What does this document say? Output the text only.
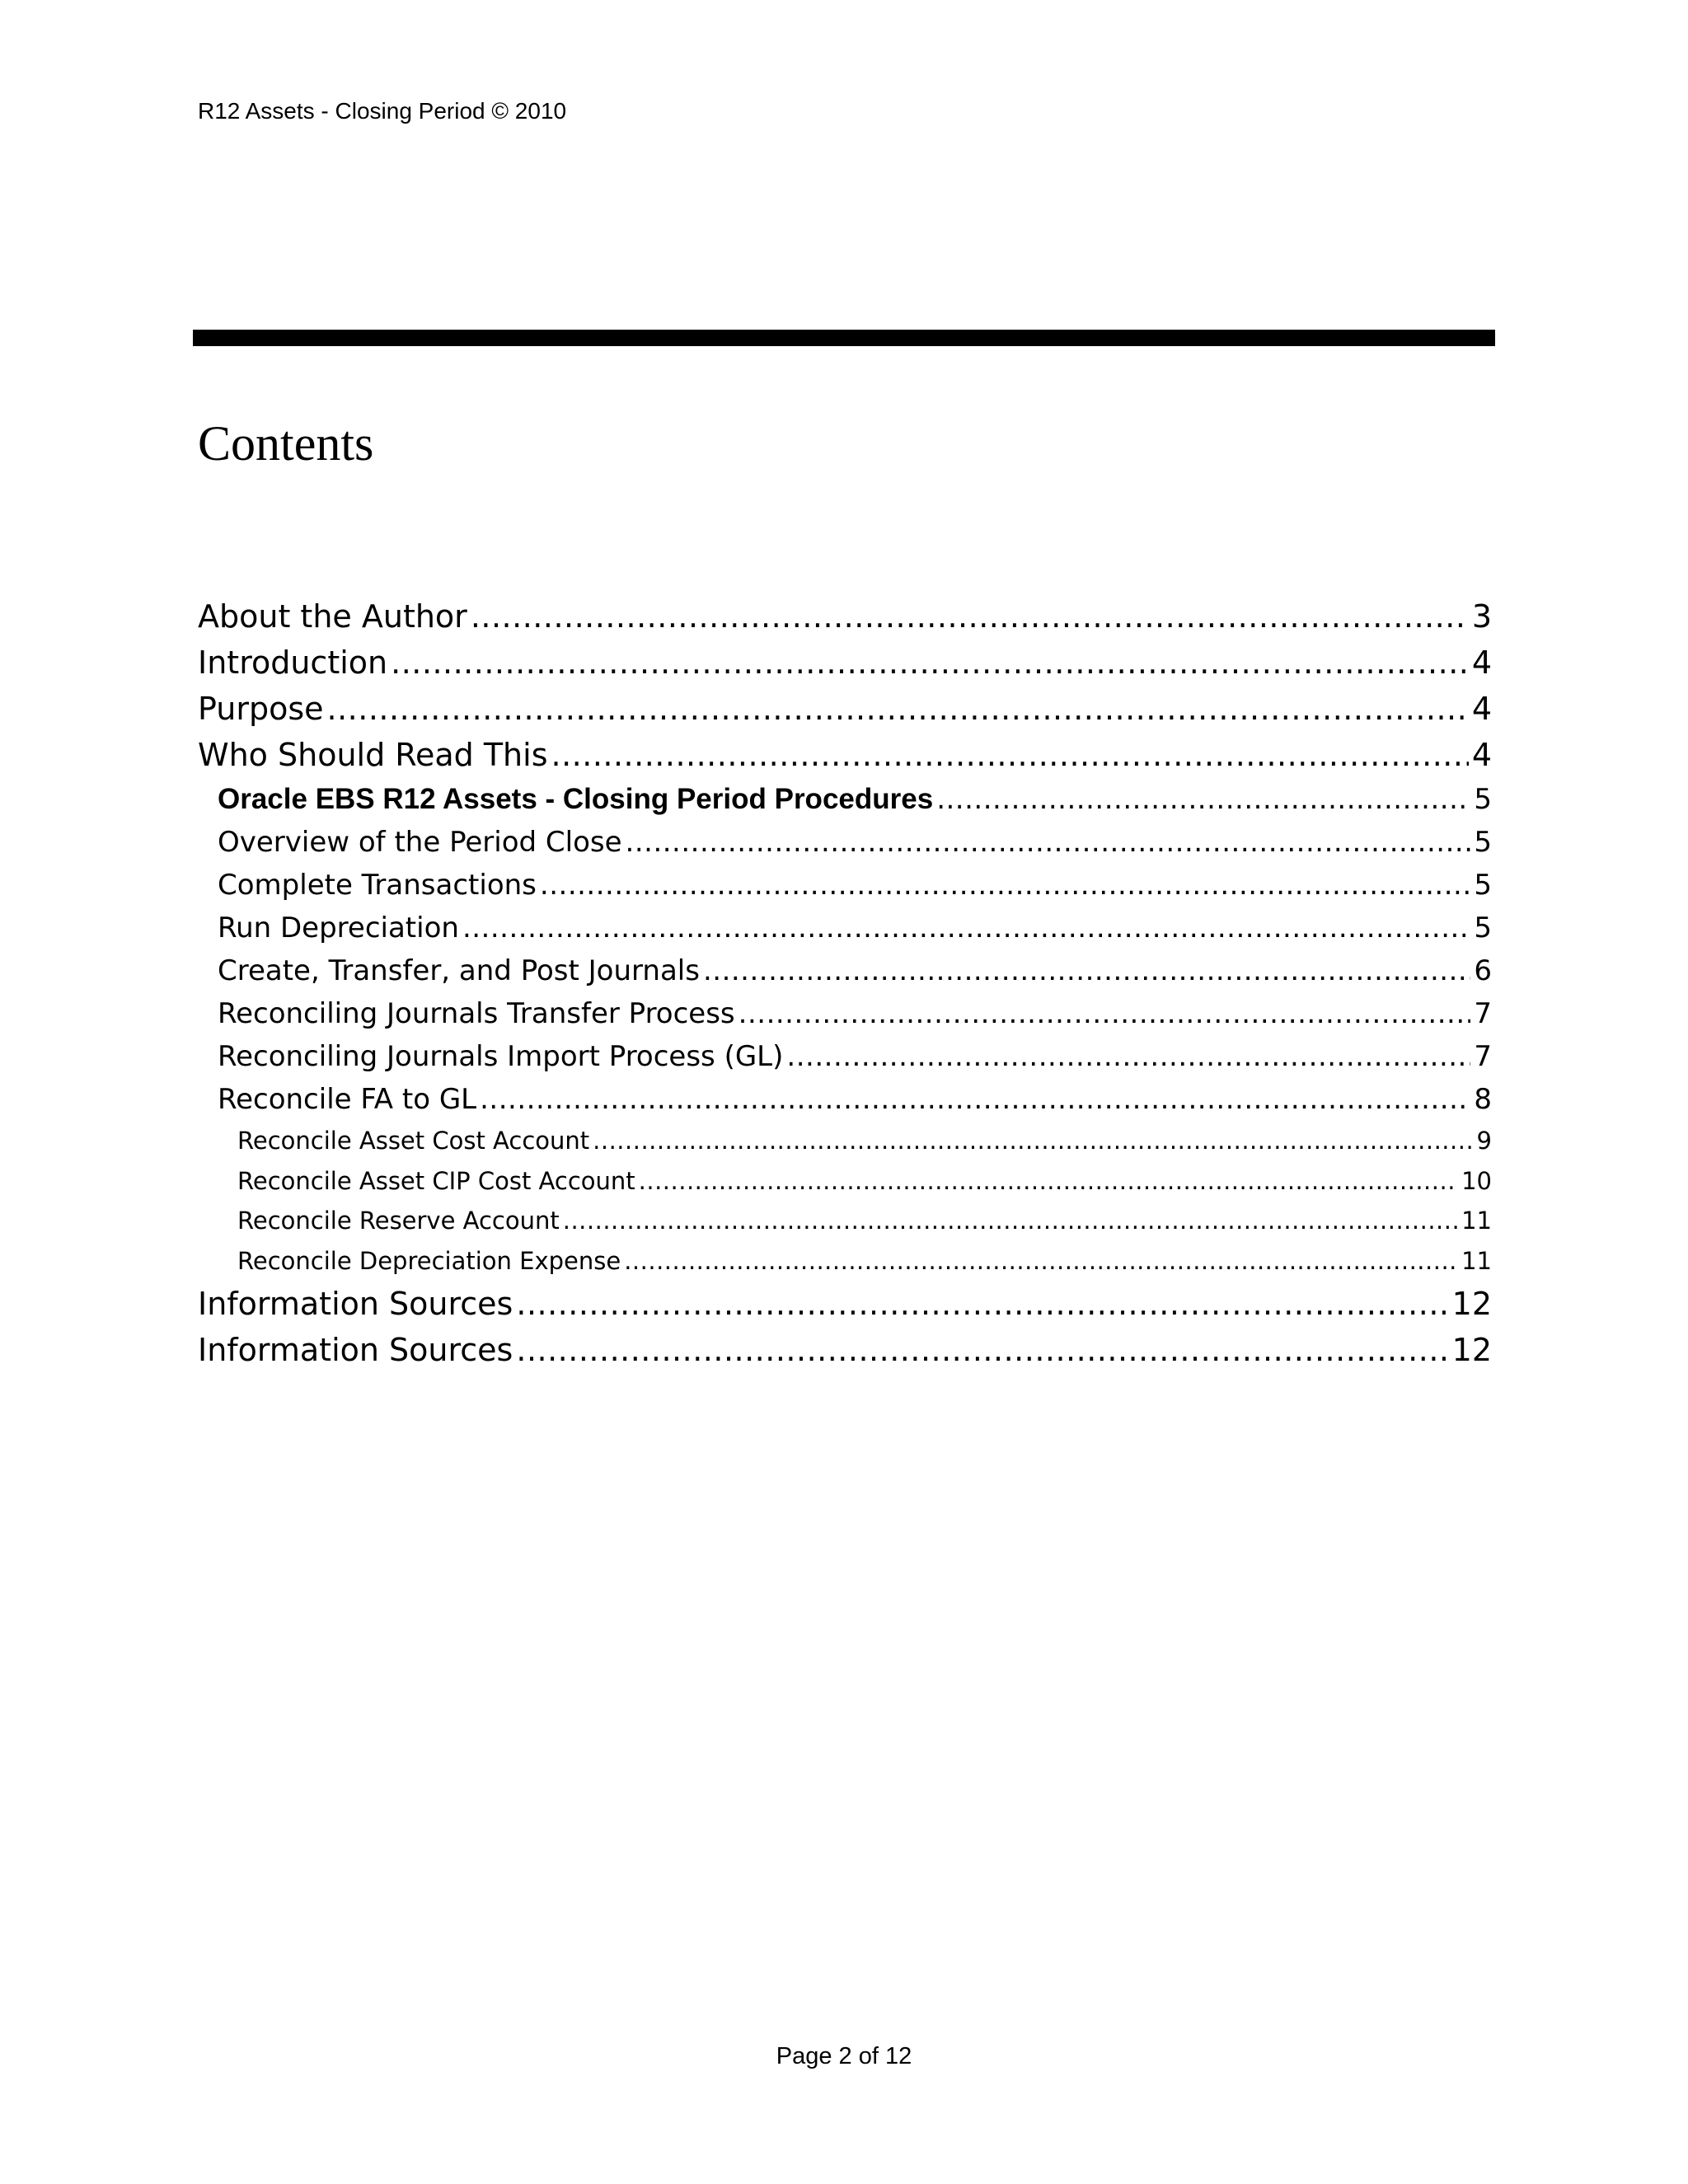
R12 Assets - Closing Period © 2010
Contents
About the Author .....	3
Introduction .....	4
Purpose .....	4
Who Should Read This .....	4
Oracle EBS R12 Assets - Closing Period Procedures .....	5
Overview of the Period Close .....	5
Complete Transactions .....	5
Run Depreciation .....	5
Create, Transfer, and Post Journals .....	6
Reconciling Journals Transfer Process .....	7
Reconciling Journals Import Process (GL) .....	7
Reconcile FA to GL .....	8
Reconcile Asset Cost Account .....	9
Reconcile Asset CIP Cost Account .....	10
Reconcile Reserve Account .....	11
Reconcile Depreciation Expense .....	11
Information Sources .....	12
Information Sources .....	12
Page 2 of 12
